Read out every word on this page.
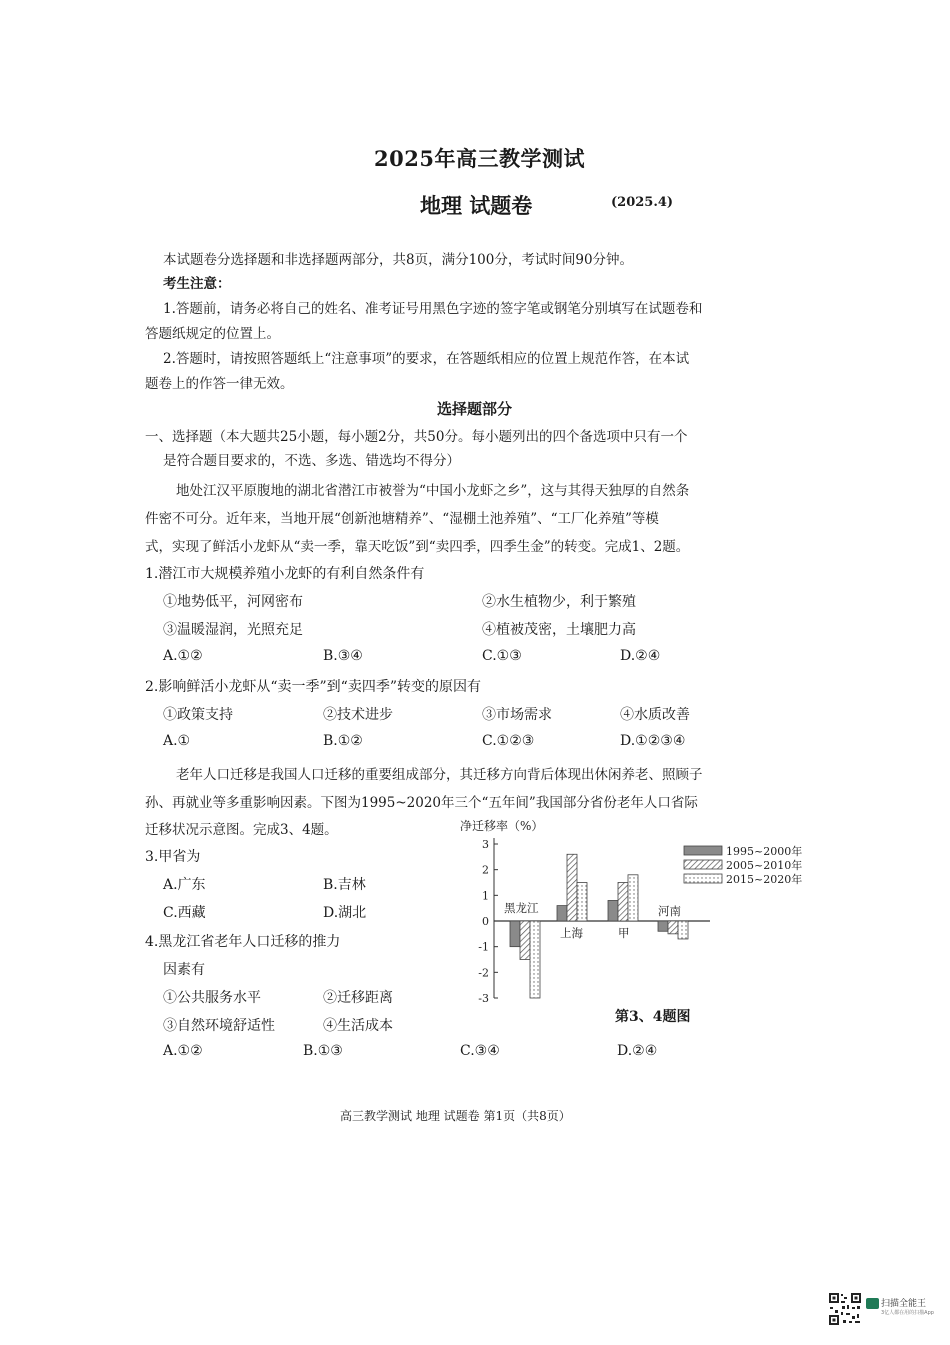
2025年高三教学测试
地理 试题卷	(2025.4)
本试题卷分选择题和非选择题两部分，共8页，满分100分，考试时间90分钟。
考生注意：
1.答题前，请务必将自己的姓名、准考证号用黑色字迹的签字笔或钢笔分别填写在试题卷和
答题纸规定的位置上。
2.答题时，请按照答题纸上“注意事项”的要求，在答题纸相应的位置上规范作答，在本试
题卷上的作答一律无效。
选择题部分
一、选择题（本大题共25小题，每小题2分，共50分。每小题列出的四个备选项中只有一个
是符合题目要求的，不选、多选、错选均不得分）
地处江汉平原腹地的湖北省潜江市被誉为“中国小龙虾之乡”，这与其得天独厚的自然条
件密不可分。近年来，当地开展“创新池塘精养”、“湿棚土池养殖”、“工厂化养殖”等模
式，实现了鲜活小龙虾从“卖一季，靠天吃饭”到“卖四季，四季生金”的转变。完成1、2题。
1.潜江市大规模养殖小龙虾的有利自然条件有
①地势低平，河网密布	②水生植物少，利于繁殖
③温暖湿润，光照充足	④植被茂密，土壤肥力高
A.①②	B.③④	C.①③	D.②④
2.影响鲜活小龙虾从“卖一季”到“卖四季”转变的原因有
①政策支持	②技术进步	③市场需求	④水质改善
A.①	B.①②	C.①②③	D.①②③④
老年人口迁移是我国人口迁移的重要组成部分，其迁移方向背后体现出休闲养老、照顾子
孙、再就业等多重影响因素。下图为1995~2020年三个“五年间”我国部分省份老年人口省际
迁移状况示意图。完成3、4题。
3.甲省为
A.广东	B.吉林
C.西藏	D.湖北
4.黑龙江省老年人口迁移的推力
因素有
①公共服务水平	②迁移距离
③自然环境舒适性	④生活成本
A.①②	B.①③	C.③④	D.②④
净迁移率（%）
3
2
1
0
-1
-2
-3
黑龙江
上海	甲
河南
1995~2000年
2005~2010年
2015~2020年
第3、4题图
高三教学测试 地理 试题卷 第1页（共8页）
扫描全能王
3亿人都在用的扫描App
